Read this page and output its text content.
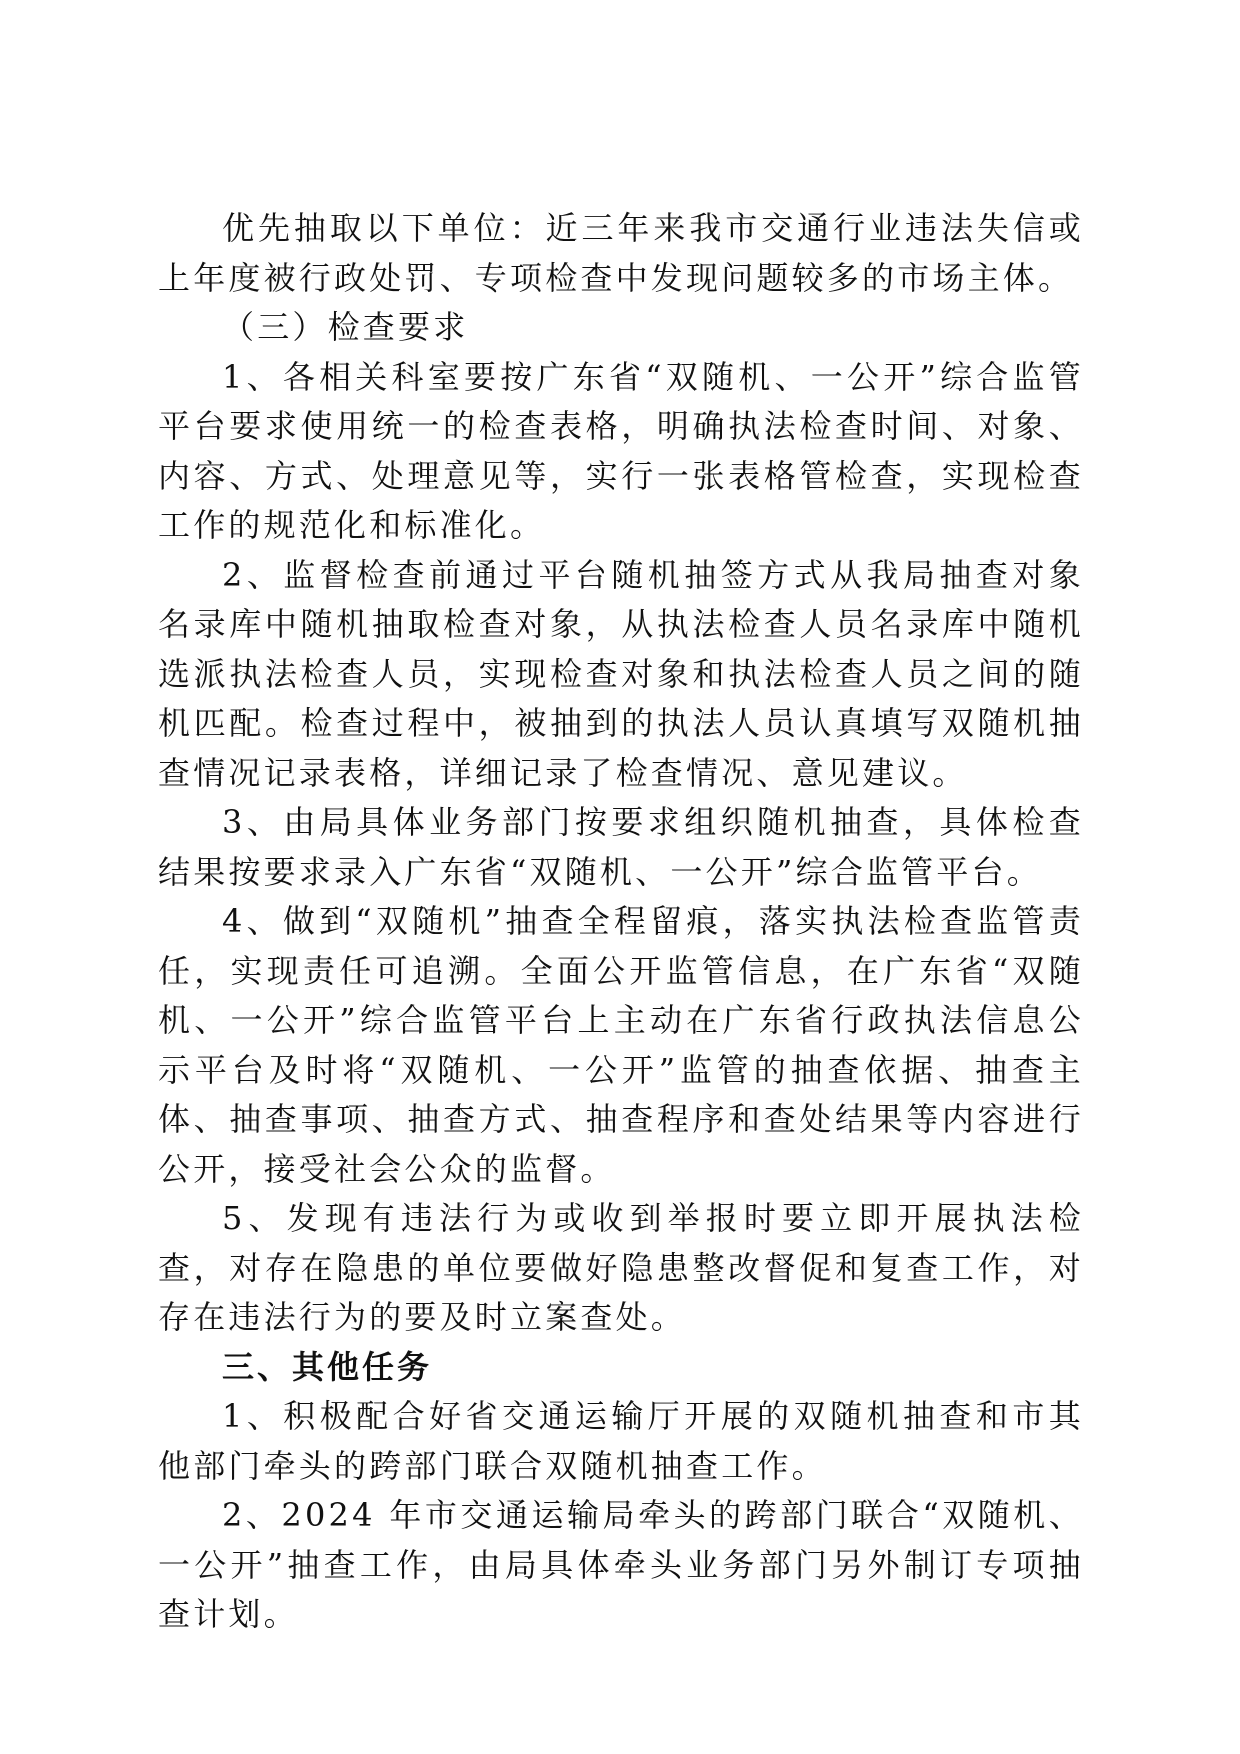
优先抽取以下单位：近三年来我市交通行业违法失信或上年度被行政处罚、专项检查中发现问题较多的市场主体。

（三）检查要求

1、各相关科室要按广东省“双随机、一公开”综合监管平台要求使用统一的检查表格，明确执法检查时间、对象、内容、方式、处理意见等，实行一张表格管检查，实现检查工作的规范化和标准化。

2、监督检查前通过平台随机抽签方式从我局抽查对象名录库中随机抽取检查对象，从执法检查人员名录库中随机选派执法检查人员，实现检查对象和执法检查人员之间的随机匹配。检查过程中，被抽到的执法人员认真填写双随机抽查情况记录表格，详细记录了检查情况、意见建议。

3、由局具体业务部门按要求组织随机抽查，具体检查结果按要求录入广东省“双随机、一公开”综合监管平台。

4、做到“双随机”抽查全程留痕，落实执法检查监管责任，实现责任可追溯。全面公开监管信息，在广东省“双随机、一公开”综合监管平台上主动在广东省行政执法信息公示平台及时将“双随机、一公开”监管的抽查依据、抽查主体、抽查事项、抽查方式、抽查程序和查处结果等内容进行公开，接受社会公众的监督。

5、发现有违法行为或收到举报时要立即开展执法检查，对存在隐患的单位要做好隐患整改督促和复查工作，对存在违法行为的要及时立案查处。

三、其他任务

1、积极配合好省交通运输厅开展的双随机抽查和市其他部门牵头的跨部门联合双随机抽查工作。

2、2024 年市交通运输局牵头的跨部门联合“双随机、一公开”抽查工作，由局具体牵头业务部门另外制订专项抽查计划。
